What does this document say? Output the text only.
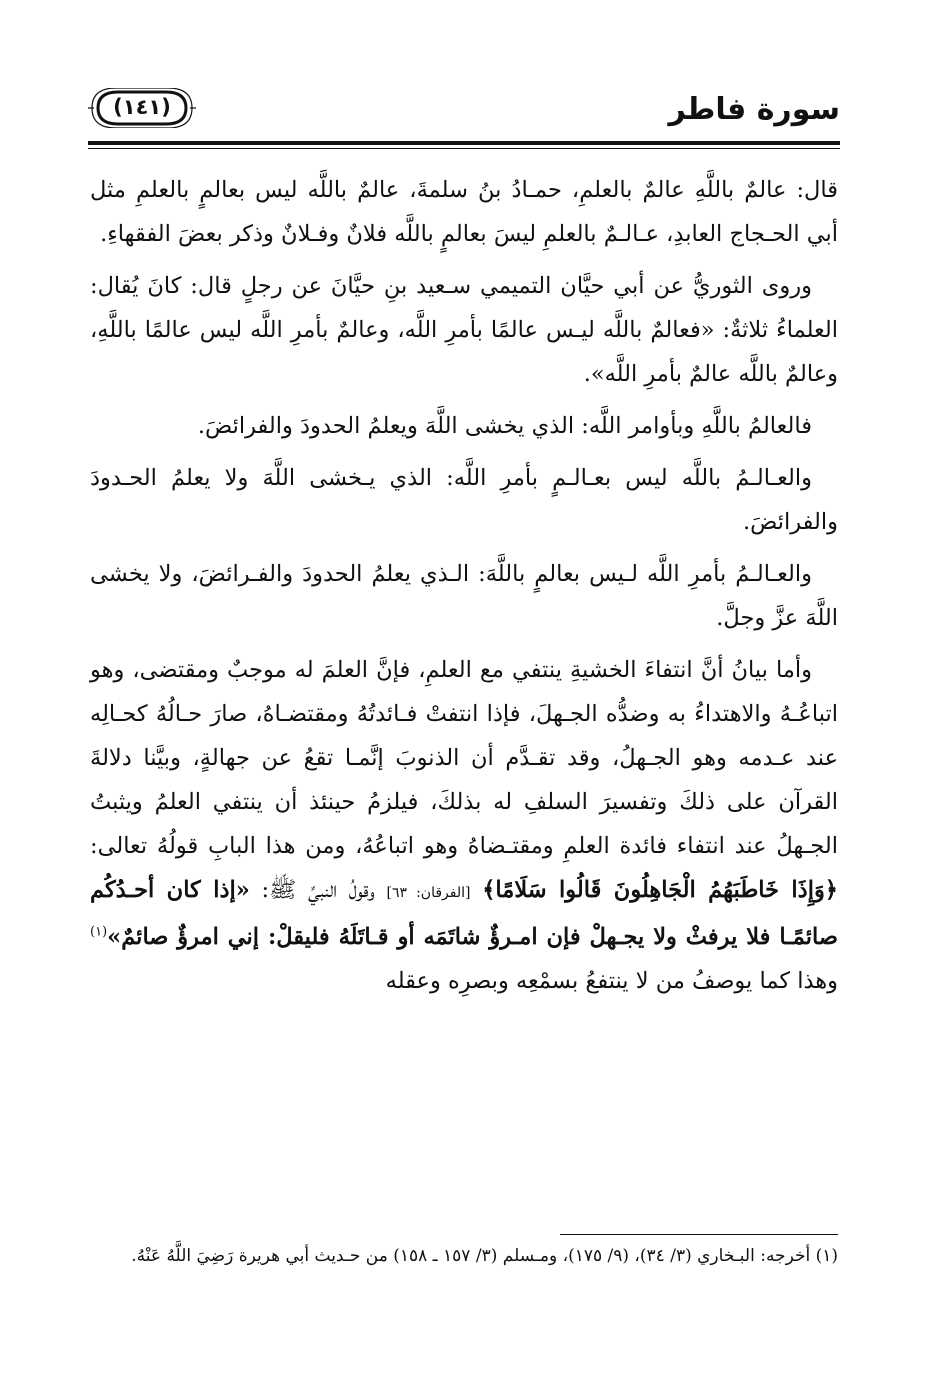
سورة فاطر
(١٤١)

قال: عالمٌ باللَّهِ عالمٌ بالعلمِ، حمـادُ بنُ سلمةَ، عالمٌ باللَّه ليس بعالمٍ بالعلمِ مثل أبي الحـجاج العابدِ، عـالـمٌ بالعلمِ ليسَ بعالمٍ باللَّه فلانٌ وفـلانٌ وذكر بعضَ الفقهاءِ.

وروى الثوريُّ عن أبي حيَّان التميمي سـعيد بنِ حيَّانَ عن رجلٍ قال: كانَ يُقال: العلماءُ ثلاثةٌ: «فعالمٌ باللَّه ليـس عالمًا بأمرِ اللَّه، وعالمٌ بأمرِ اللَّه ليس عالمًا باللَّهِ، وعالمٌ باللَّه عالمٌ بأمرِ اللَّه».

فالعالمُ باللَّهِ وبأوامر اللَّه: الذي يخشى اللَّهَ ويعلمُ الحدودَ والفرائضَ.

والعـالـمُ باللَّه ليس بعـالـمٍ بأمرِ اللَّه: الذي يـخشى اللَّهَ ولا يعلمُ الحـدودَ والفرائضَ.

والعـالـمُ بأمرِ اللَّه لـيس بعالمٍ باللَّهَ: الـذي يعلمُ الحدودَ والفـرائضَ، ولا يخشى اللَّهَ عزَّ وجلَّ.

وأما بيانُ أنَّ انتفاءَ الخشيةِ ينتفي مع العلمِ، فإنَّ العلمَ له موجبٌ ومقتضى، وهو اتباعُـهُ والاهتداءُ به وضدُّه الجـهلَ، فإذا انتفتْ فـائدتُهُ ومقتضـاهُ، صارَ حـالُهُ كحـالِه عند عـدمه وهو الجـهلُ، وقد تقـدَّم أن الذنوبَ إنَّمـا تقعُ عن جهالةٍ، وبيَّنا دلالةَ القرآن على ذلكَ وتفسيرَ السلفِ له بذلكَ، فيلزمُ حينئذ أن ينتفي العلمُ ويثبتُ الجـهلُ عند انتفاء فائدة العلمِ ومقتـضاهُ وهو اتباعُهُ، ومن هذا البابِ قولُهُ تعالى: ﴿وَإِذَا خَاطَبَهُمُ الْجَاهِلُونَ قَالُوا سَلَامًا﴾ [الفرقان: ٦٣] وقولُ النبيِّ ﷺ: «إذا كان أحـدُكُم صائمًـا فلا يرفثْ ولا يجـهلْ فإن امـرؤٌ شاتَمَه أو قـاتَلَهُ فليقلْ: إني امرؤٌ صائمٌ»$^{(١)}$ وهذا كما يوصفُ من لا ينتفعُ بسمْعِه وبصرِه وعقله

(١) أخرجه: البـخاري (٣/ ٣٤)، (٩/ ١٧٥)، ومـسلم (٣/ ١٥٧ ـ ١٥٨) من حـديث أبي هريرة رَضِيَ اللَّهُ عَنْهُ.
